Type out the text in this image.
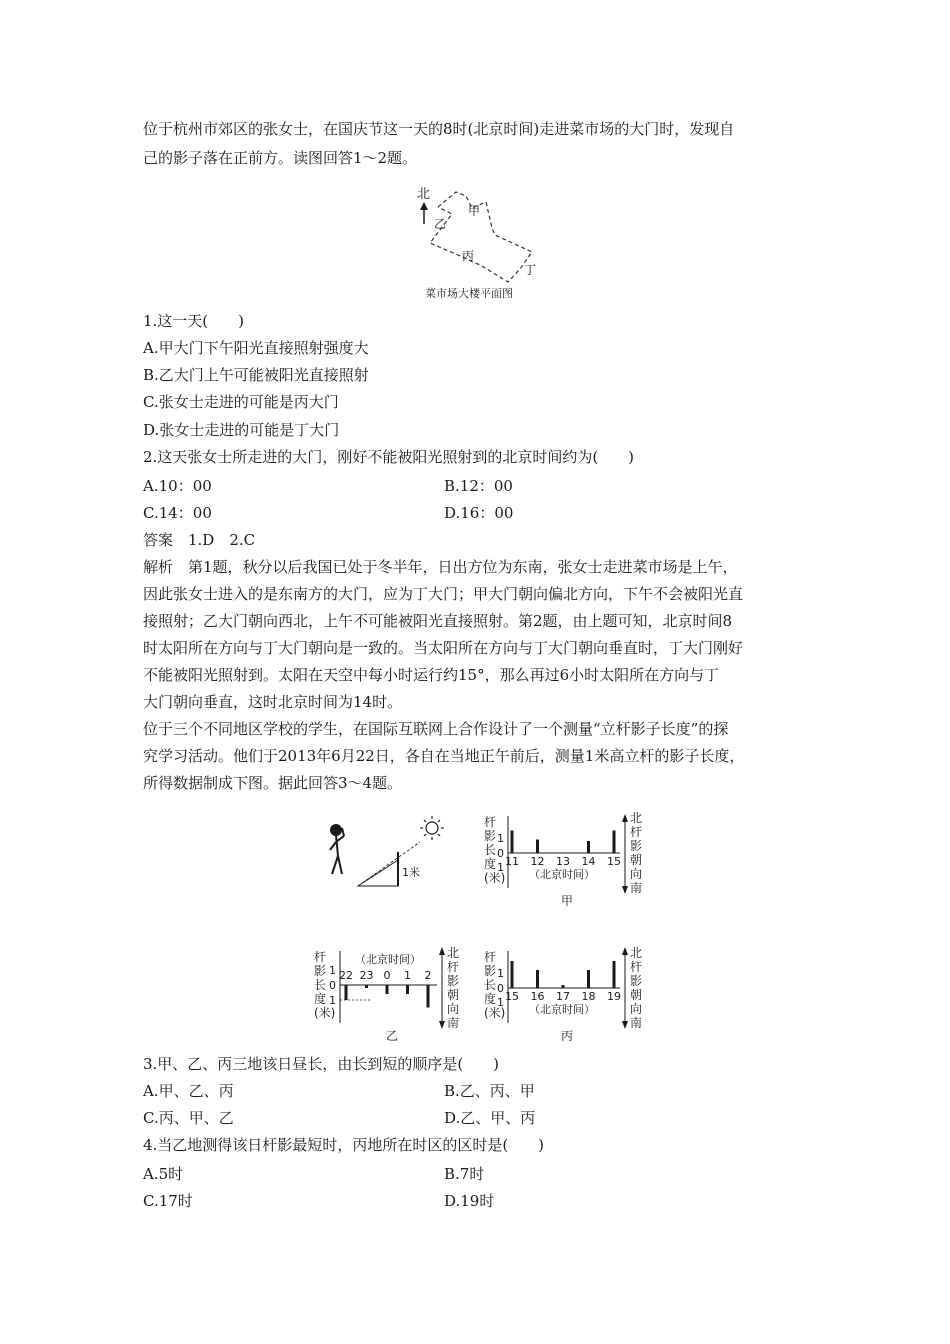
位于杭州市郊区的张女士，在国庆节这一天的8时(北京时间)走进菜市场的大门时，发现自
己的影子落在正前方。读图回答1～2题。
北
甲
乙
丙
丁
菜市场大楼平面图
1.这一天(　　)
A.甲大门下午阳光直接照射强度大
B.乙大门上午可能被阳光直接照射
C.张女士走进的可能是丙大门
D.张女士走进的可能是丁大门
2.这天张女士所走进的大门，刚好不能被阳光照射到的北京时间约为(　　)
A.10：00	B.12：00
C.14：00	D.16：00
答案　1.D　2.C
解析　第1题，秋分以后我国已处于冬半年，日出方位为东南，张女士走进菜市场是上午，
因此张女士进入的是东南方的大门，应为丁大门；甲大门朝向偏北方向，下午不会被阳光直
接照射；乙大门朝向西北，上午不可能被阳光直接照射。第2题，由上题可知，北京时间8
时太阳所在方向与丁大门朝向是一致的。当太阳所在方向与丁大门朝向垂直时，丁大门刚好
不能被阳光照射到。太阳在天空中每小时运行约15°，那么再过6小时太阳所在方向与丁
大门朝向垂直，这时北京时间为14时。
位于三个不同地区学校的学生，在国际互联网上合作设计了一个测量“立杆影子长度”的探
究学习活动。他们于2013年6月22日，各自在当地正午前后，测量1米高立杆的影子长度，
所得数据制成下图。据此回答3～4题。
1米
杆
影
长
度
(米)
北
杆
影
朝
向
南
1
0
1 11 12 13 14 15
（北京时间）
甲
杆
影
长
度
(米)
北
杆
影
朝
向
南
1
0
1
22 23 0 1 2
（北京时间）
乙
杆
影
长
度
(米)
北
杆
影
朝
向
南
1
0
1 15 16 17 18 19
（北京时间）
丙
3.甲、乙、丙三地该日昼长，由长到短的顺序是(　　)
A.甲、乙、丙	B.乙、丙、甲
C.丙、甲、乙	D.乙、甲、丙
4.当乙地测得该日杆影最短时，丙地所在时区的区时是(　　)
A.5时	B.7时
C.17时	D.19时
